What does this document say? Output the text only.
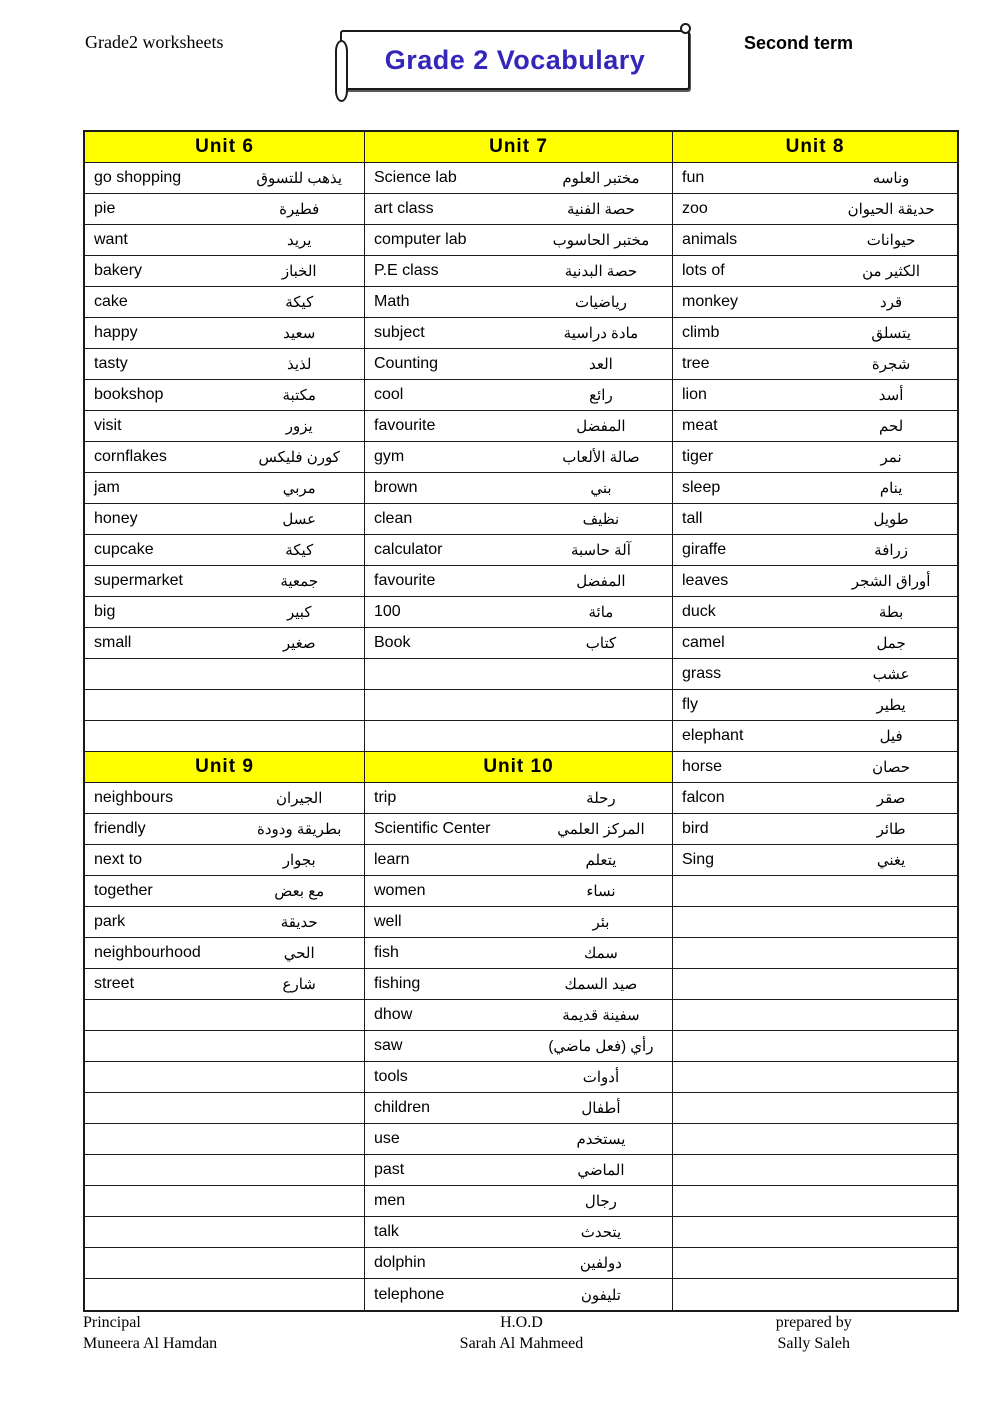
Grade2 worksheets
Grade 2 Vocabulary
Second term
Unit 6
go shopping	يذهب للتسوق
pie	فطيرة
want	يريد
bakery	الخباز
cake	كيكة
happy	سعيد
tasty	لذيذ
bookshop	مكتبة
visit	يزور
cornflakes	كورن فليكس
jam	مربي
honey	عسل
cupcake	كيكة
supermarket	جمعية
big	كبير
small	صغير
Unit 9
neighbours	الجيران
friendly	بطريقة ودودة
next to	بجوار
together	مع بعض
park	حديقة
neighbourhood	الحي
street	شارع
Unit 7
Science lab	مختبر العلوم
art class	حصة الفنية
computer lab	مختبر الحاسوب
P.E class	حصة البدنية
Math	رياضيات
subject	مادة دراسية
Counting	العد
cool	رائع
favourite	المفضل
gym	صالة الألعاب
brown	بني
clean	نظيف
calculator	آلة حاسبة
favourite	المفضل
100	مائة
Book	كتاب
Unit 10
trip	رحلة
Scientific Center	المركز العلمي
learn	يتعلم
women	نساء
well	بئر
fish	سمك
fishing	صيد السمك
dhow	سفينة قديمة
saw	رأي (فعل ماضي)
tools	أدوات
children	أطفال
use	يستخدم
past	الماضي
men	رجال
talk	يتحدث
dolphin	دولفين
telephone	تليفون
Unit 8
fun	وناسه
zoo	حديقة الحيوان
animals	حيوانات
lots of	الكثير من
monkey	قرد
climb	يتسلق
tree	شجرة
lion	أسد
meat	لحم
tiger	نمر
sleep	ينام
tall	طويل
giraffe	زرافة
leaves	أوراق الشجر
duck	بطة
camel	جمل
grass	عشب
fly	يطير
elephant	فيل
horse	حصان
falcon	صقر
bird	طائر
Sing	يغني
Principal
Muneera Al Hamdan
H.O.D
Sarah Al Mahmeed
prepared by
Sally Saleh
